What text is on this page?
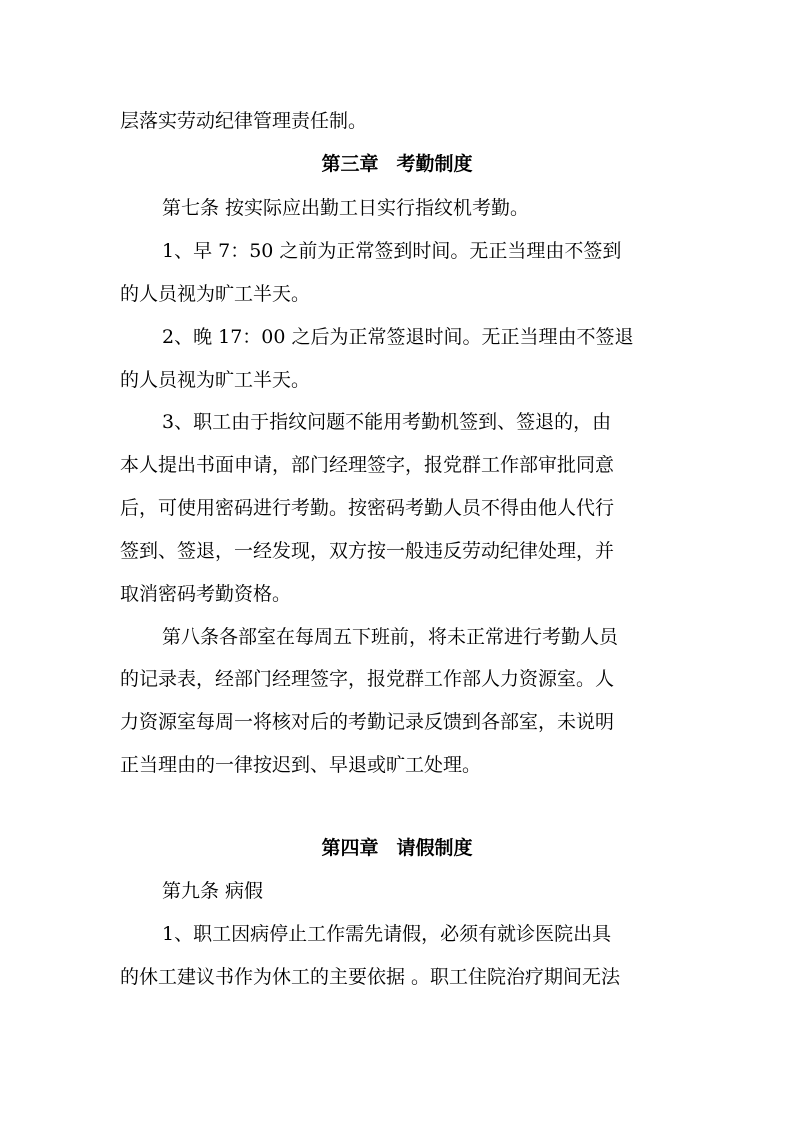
层落实劳动纪律管理责任制。
第三章 考勤制度
第七条 按实际应出勤工日实行指纹机考勤。
1、早 7：50 之前为正常签到时间。无正当理由不签到
的人员视为旷工半天。
2、晚 17：00 之后为正常签退时间。无正当理由不签退
的人员视为旷工半天。
3、职工由于指纹问题不能用考勤机签到、签退的，由
本人提出书面申请，部门经理签字，报党群工作部审批同意
后，可使用密码进行考勤。按密码考勤人员不得由他人代行
签到、签退，一经发现，双方按一般违反劳动纪律处理，并
取消密码考勤资格。
第八条各部室在每周五下班前，将未正常进行考勤人员
的记录表，经部门经理签字，报党群工作部人力资源室。人
力资源室每周一将核对后的考勤记录反馈到各部室，未说明
正当理由的一律按迟到、早退或旷工处理。
第四章 请假制度
第九条 病假
1、职工因病停止工作需先请假，必须有就诊医院出具
的休工建议书作为休工的主要依据 。职工住院治疗期间无法
